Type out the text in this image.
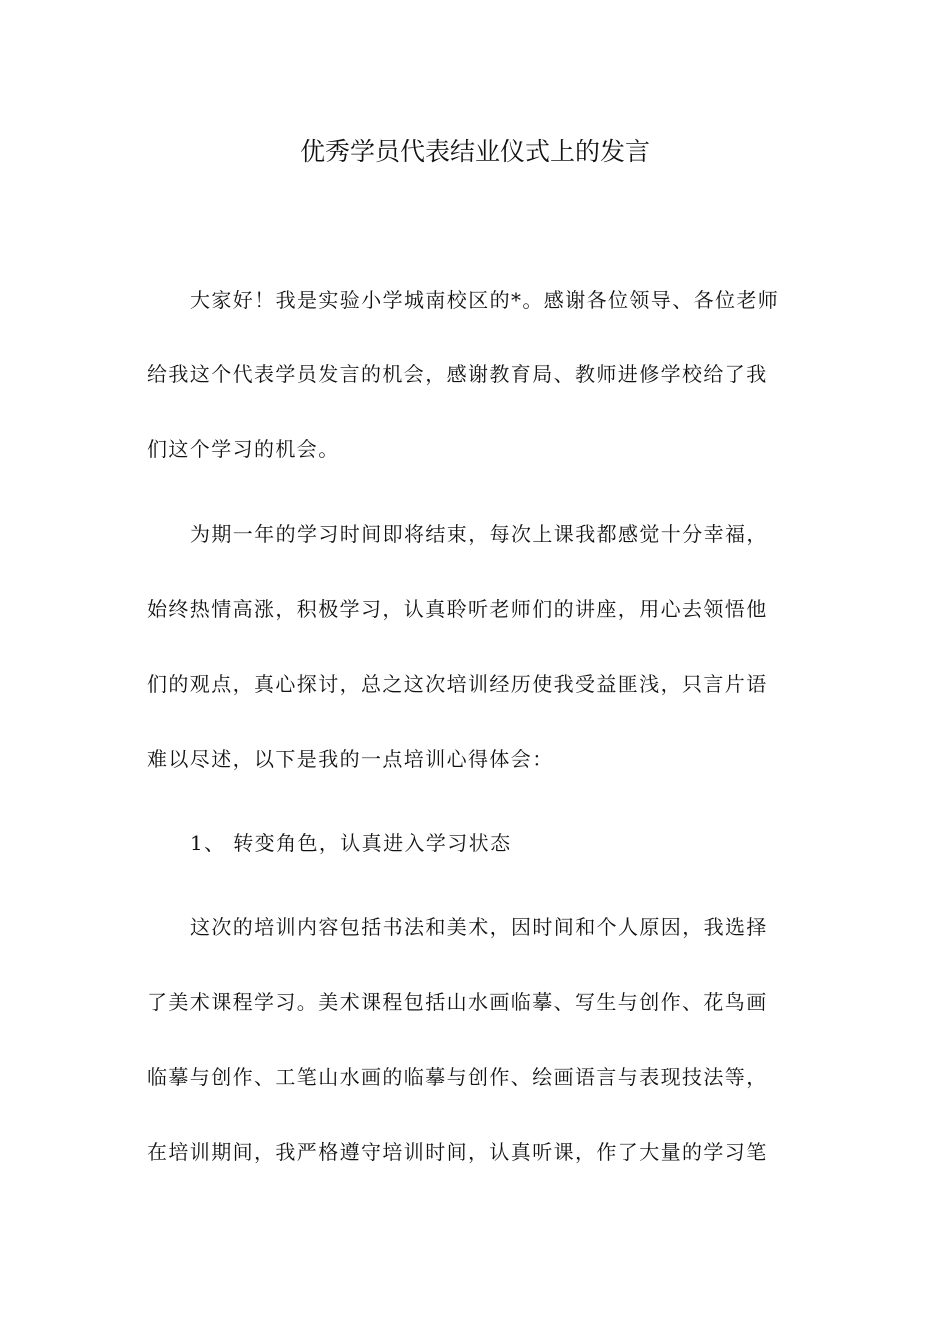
优秀学员代表结业仪式上的发言

大家好！我是实验小学城南校区的*。感谢各位领导、各位老师

给我这个代表学员发言的机会，感谢教育局、教师进修学校给了我

们这个学习的机会。

为期一年的学习时间即将结束，每次上课我都感觉十分幸福，

始终热情高涨，积极学习，认真聆听老师们的讲座，用心去领悟他

们的观点，真心探讨，总之这次培训经历使我受益匪浅，只言片语

难以尽述，以下是我的一点培训心得体会：

1、 转变角色，认真进入学习状态

这次的培训内容包括书法和美术，因时间和个人原因，我选择

了美术课程学习。美术课程包括山水画临摹、写生与创作、花鸟画

临摹与创作、工笔山水画的临摹与创作、绘画语言与表现技法等，

在培训期间，我严格遵守培训时间，认真听课，作了大量的学习笔
